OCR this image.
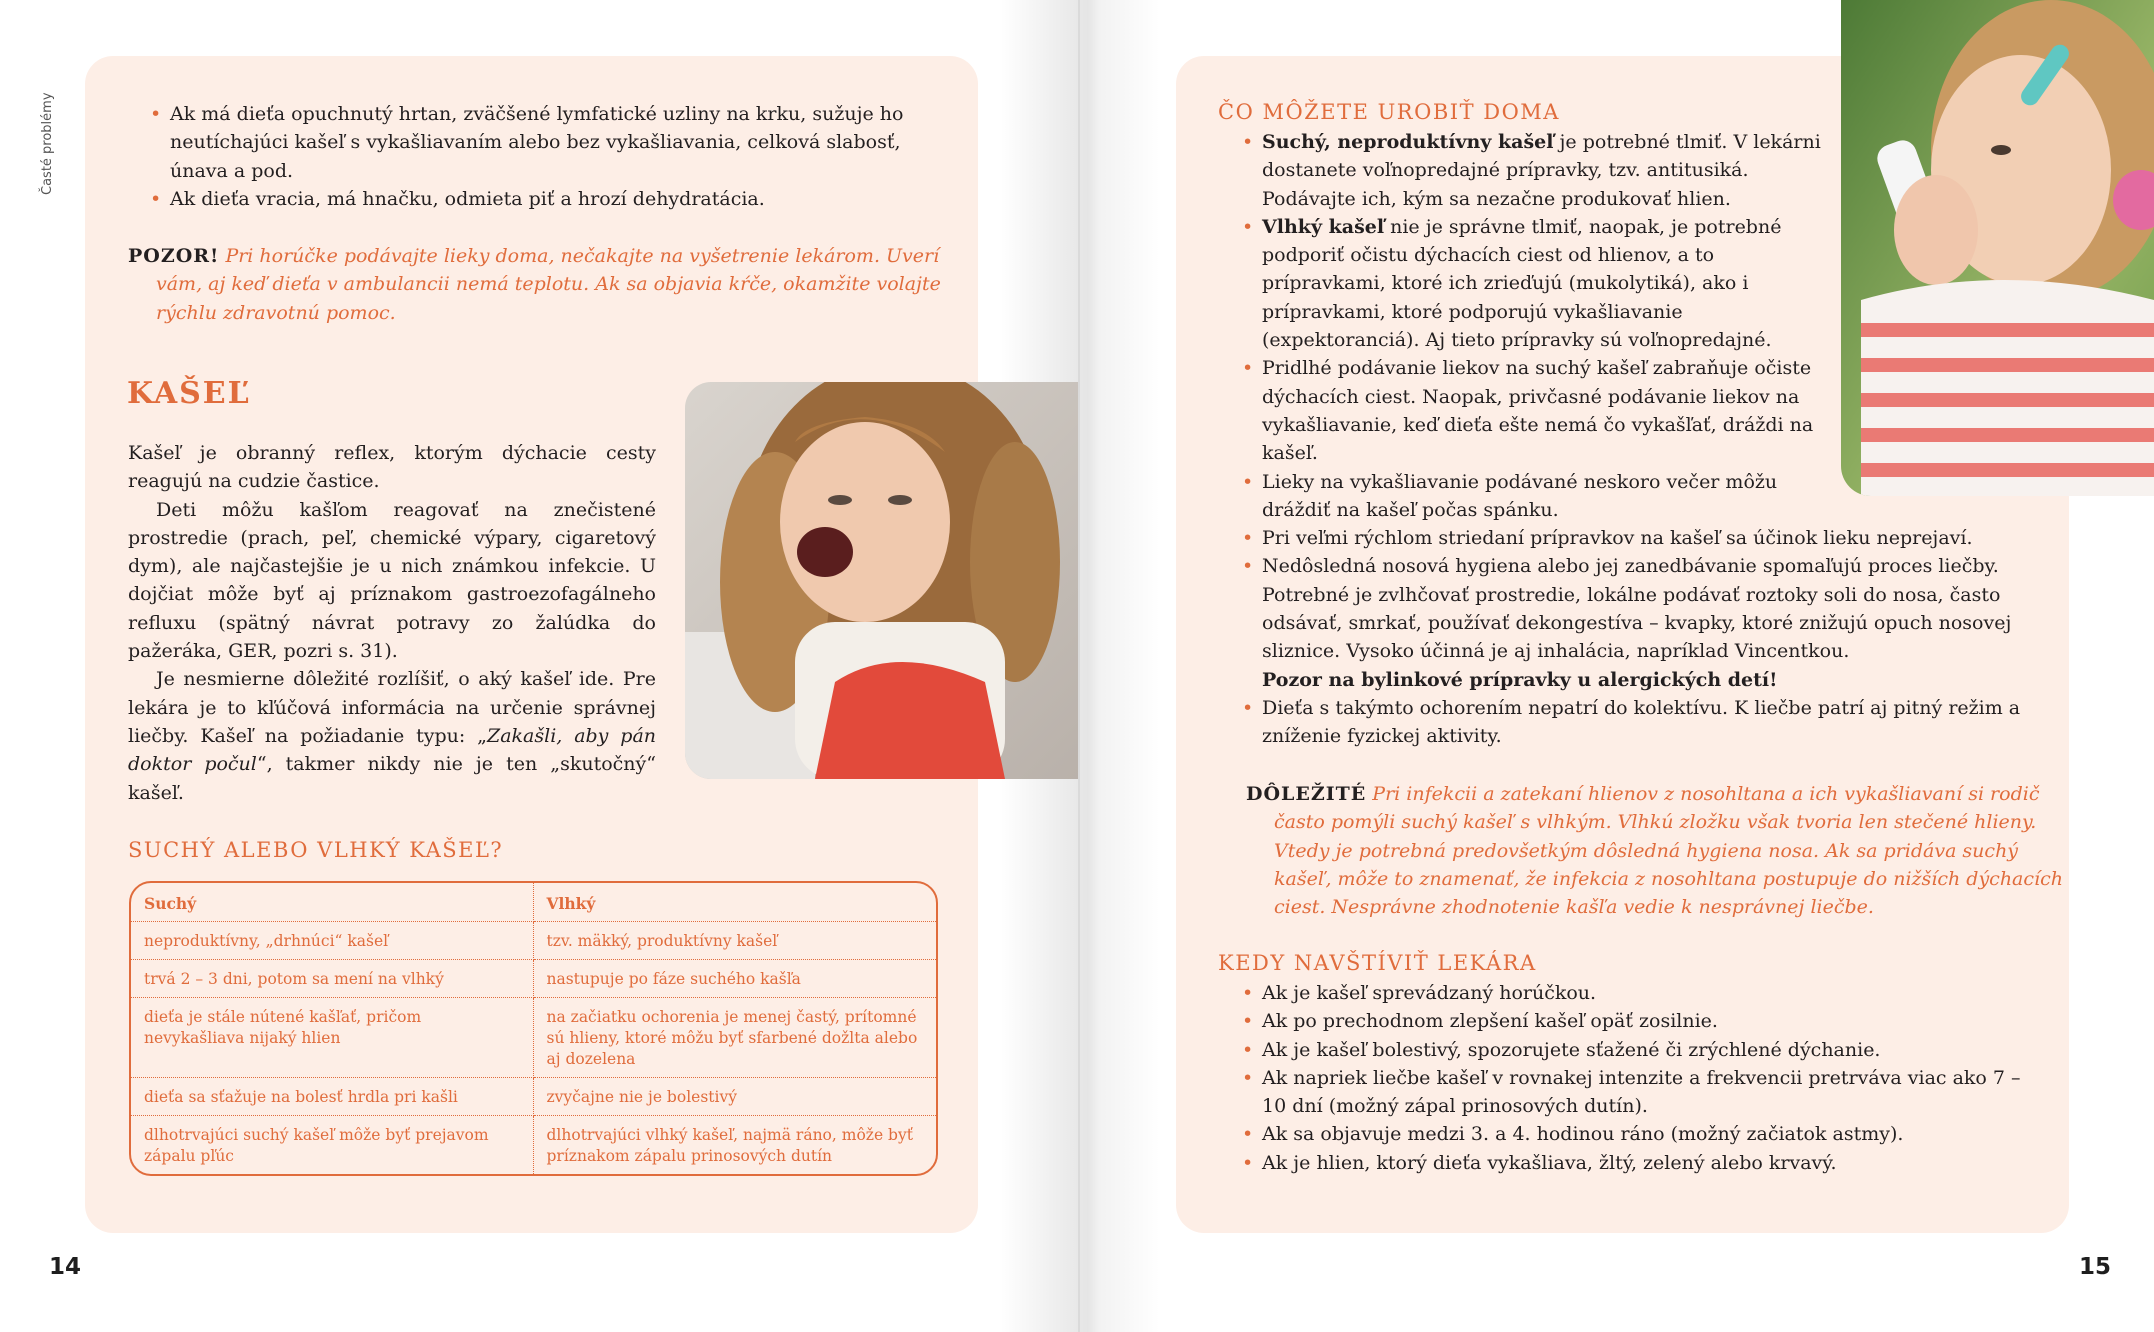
Časté problémy	• Ak má dieťa opuchnutý hrtan, zväčšené lymfatické uzliny na krku, sužuje ho neutíchajúci kašeľ s vykašliavaním alebo bez vykašliavania, celková slabosť, únava a pod.
• Ak dieťa vracia, má hnačku, odmieta piť a hrozí dehydratácia.
POZOR! Pri horúčke podávajte lieky doma, nečakajte na vyšetrenie lekárom. Uverí vám, aj keď dieťa v ambulancii nemá teplotu. Ak sa objavia kŕče, okamžite volajte rýchlu zdravotnú pomoc.
KAŠEĽ
Kašeľ je obranný reflex, ktorým dýchacie cesty reagujú na cudzie častice.
Deti môžu kašľom reagovať na znečistené prostredie (prach, peľ, chemické výpary, cigaretový dym), ale najčastejšie je u nich známkou infekcie. U dojčiat môže byť aj príznakom gastroezofagálneho refluxu (spätný návrat potravy zo žalúdka do pažeráka, GER, pozri s. 31).
Je nesmierne dôležité rozlíšiť, o aký kašeľ ide. Pre lekára je to kľúčová informácia na určenie správnej liečby. Kašeľ na požiadanie typu: „Zakašli, aby pán doktor počul“, takmer nikdy nie je ten „skutočný“ kašeľ.
SUCHÝ ALEBO VLHKÝ KAŠEĽ?
Suchý	Vlhký
neproduktívny, „drhnúci“ kašeľ	tzv. mäkký, produktívny kašeľ
trvá 2 – 3 dni, potom sa mení na vlhký	nastupuje po fáze suchého kašľa
dieťa je stále nútené kašľať, pričom nevykašliava nijaký hlien	na začiatku ochorenia je menej častý, prítomné sú hlieny, ktoré môžu byť sfarbené dožlta alebo aj dozelena
dieťa sa sťažuje na bolesť hrdla pri kašli	zvyčajne nie je bolestivý
dlhotrvajúci suchý kašeľ môže byť prejavom zápalu pľúc	dlhotrvajúci vlhký kašeľ, najmä ráno, môže byť príznakom zápalu prinosových dutín
14
ČO MÔŽETE UROBIŤ DOMA
• Suchý, neproduktívny kašeľ je potrebné tlmiť. V lekárni dostanete voľnopredajné prípravky, tzv. antitusiká. Podávajte ich, kým sa nezačne produkovať hlien.
• Vlhký kašeľ nie je správne tlmiť, naopak, je potrebné podporiť očistu dýchacích ciest od hlienov, a to prípravkami, ktoré ich zrieďujú (mukolytiká), ako i prípravkami, ktoré podporujú vykašliavanie (expektoranciá). Aj tieto prípravky sú voľnopredajné.
• Pridlhé podávanie liekov na suchý kašeľ zabraňuje očiste dýchacích ciest. Naopak, privčasné podávanie liekov na vykašliavanie, keď dieťa ešte nemá čo vykašľať, dráždi na kašeľ.
• Lieky na vykašliavanie podávané neskoro večer môžu dráždiť na kašeľ počas spánku.
• Pri veľmi rýchlom striedaní prípravkov na kašeľ sa účinok lieku neprejaví.
• Nedôsledná nosová hygiena alebo jej zanedbávanie spomaľujú proces liečby. Potrebné je zvlhčovať prostredie, lokálne podávať roztoky soli do nosa, často odsávať, smrkať, používať dekongestíva – kvapky, ktoré znižujú opuch nosovej sliznice. Vysoko účinná je aj inhalácia, napríklad Vincentkou.
Pozor na bylinkové prípravky u alergických detí!
• Dieťa s takýmto ochorením nepatrí do kolektívu. K liečbe patrí aj pitný režim a zníženie fyzickej aktivity.
DÔLEŽITÉ Pri infekcii a zatekaní hlienov z nosohltana a ich vykašliavaní si rodič často pomýli suchý kašeľ s vlhkým. Vlhkú zložku však tvoria len stečené hlieny. Vtedy je potrebná predovšetkým dôsledná hygiena nosa. Ak sa pridáva suchý kašeľ, môže to znamenať, že infekcia z nosohltana postupuje do nižších dýchacích ciest. Nesprávne zhodnotenie kašľa vedie k nesprávnej liečbe.
KEDY NAVŠTÍVIŤ LEKÁRA
• Ak je kašeľ sprevádzaný horúčkou.
• Ak po prechodnom zlepšení kašeľ opäť zosilnie.
• Ak je kašeľ bolestivý, spozorujete sťažené či zrýchlené dýchanie.
• Ak napriek liečbe kašeľ v rovnakej intenzite a frekvencii pretrváva viac ako 7 – 10 dní (možný zápal prinosových dutín).
• Ak sa objavuje medzi 3. a 4. hodinou ráno (možný začiatok astmy).
• Ak je hlien, ktorý dieťa vykašliava, žltý, zelený alebo krvavý.
15
